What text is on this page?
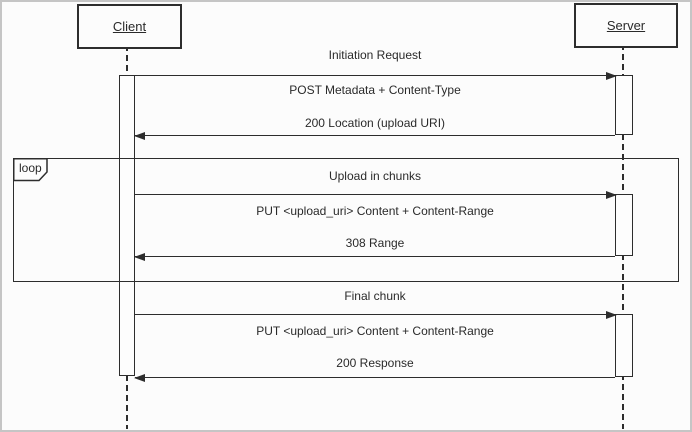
Client	Server
loop
Initiation Request
POST Metadata + Content-Type
200 Location (upload URI)
Upload in chunks
PUT <upload_uri> Content + Content-Range
308 Range
Final chunk
PUT <upload_uri> Content + Content-Range
200 Response
